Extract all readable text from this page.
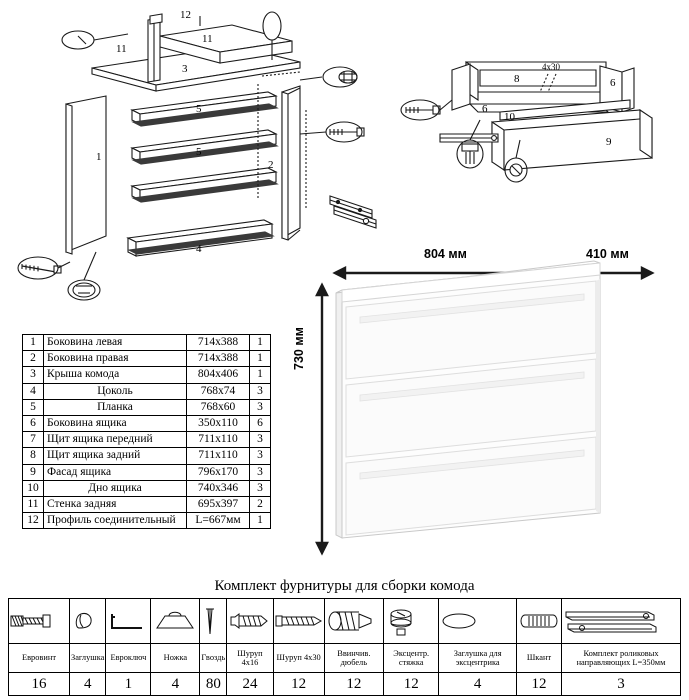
12
11
11
3
5
5
1
2
4
8
4x30
6
6
10
9
804 мм	410 мм
730 мм
1	Боковина левая	714х388	1
2	Боковина правая	714х388	1
3	Крыша комода	804х406	1
4	Цоколь	768х74	3
5	Планка	768х60	3
6	Боковина ящика	350х110	6
7	Щит ящика передний	711х110	3
8	Щит ящика задний	711х110	3
9	Фасад ящика	796х170	3
10	Дно ящика	740х346	3
11	Стенка задняя	695х397	2
12	Профиль соединительный	L=667мм	1
Комплект фурнитуры для сборки комода

Евровинт	Заглушка	Евроключ	Ножка	Гвоздь	Шуруп 4х16	Шуруп 4х30	Ввинчив. дюбель	Эксцентр. стяжка	Заглушка для эксцентрика	Шкант	Комплект роликовых направляющих L=350мм
16	4	1	4	80	24	12	12	12	4	12	3
